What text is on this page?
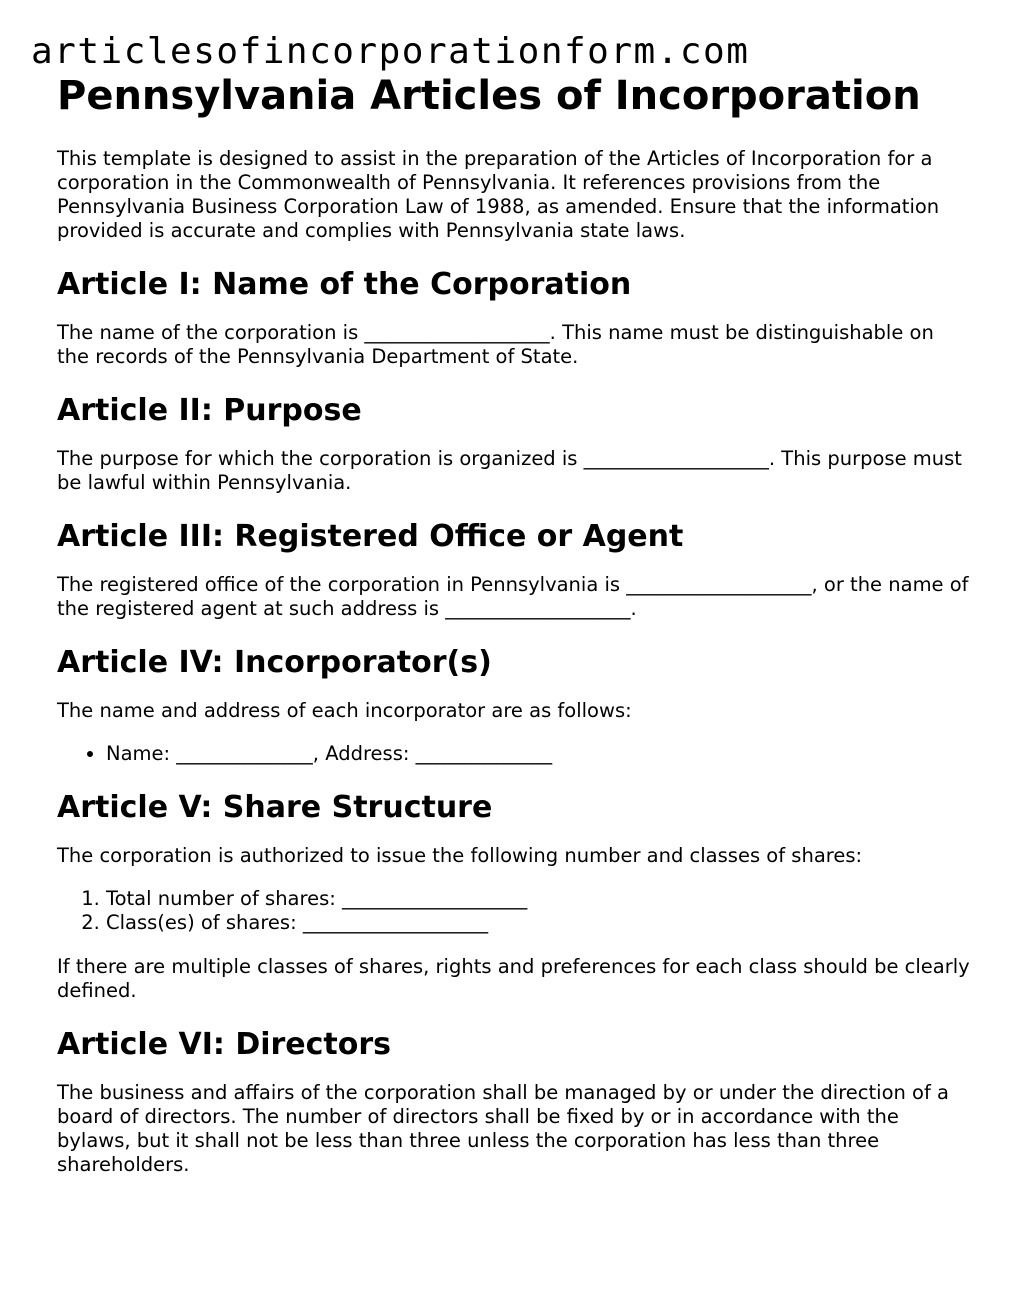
articlesofincorporationform.com
Pennsylvania Articles of Incorporation

This template is designed to assist in the preparation of the Articles of Incorporation for a corporation in the Commonwealth of Pennsylvania. It references provisions from the Pennsylvania Business Corporation Law of 1988, as amended. Ensure that the information provided is accurate and complies with Pennsylvania state laws.

Article I: Name of the Corporation

The name of the corporation is ___________________. This name must be distinguishable on the records of the Pennsylvania Department of State.

Article II: Purpose

The purpose for which the corporation is organized is ___________________. This purpose must be lawful within Pennsylvania.

Article III: Registered Office or Agent

The registered office of the corporation in Pennsylvania is ___________________, or the name of the registered agent at such address is ___________________.

Article IV: Incorporator(s)

The name and address of each incorporator are as follows:

• Name: ______________, Address: ______________
Article V: Share Structure

The corporation is authorized to issue the following number and classes of shares:

1. Total number of shares: ___________________
2. Class(es) of shares: ___________________

If there are multiple classes of shares, rights and preferences for each class should be clearly defined.

Article VI: Directors

The business and affairs of the corporation shall be managed by or under the direction of a board of directors. The number of directors shall be fixed by or in accordance with the bylaws, but it shall not be less than three unless the corporation has less than three shareholders.
